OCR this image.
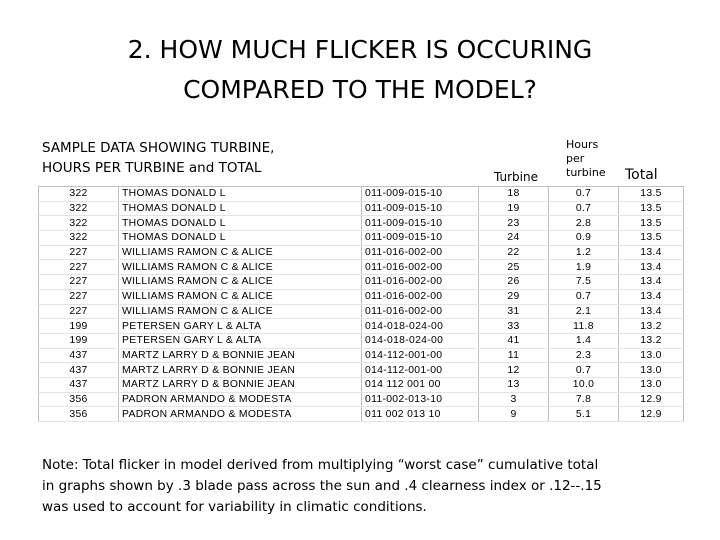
2. HOW MUCH FLICKER IS OCCURING
COMPARED TO THE MODEL?
SAMPLE DATA SHOWING TURBINE,
HOURS PER TURBINE and TOTAL
Turbine
Hours
per
turbine	Total
322	THOMAS DONALD L	011-009-015-10	18	0.7	13.5
322	THOMAS DONALD L	011-009-015-10	19	0.7	13.5
322	THOMAS DONALD L	011-009-015-10	23	2.8	13.5
322	THOMAS DONALD L	011-009-015-10	24	0.9	13.5
227	WILLIAMS RAMON C & ALICE	011-016-002-00	22	1.2	13.4
227	WILLIAMS RAMON C & ALICE	011-016-002-00	25	1.9	13.4
227	WILLIAMS RAMON C & ALICE	011-016-002-00	26	7.5	13.4
227	WILLIAMS RAMON C & ALICE	011-016-002-00	29	0.7	13.4
227	WILLIAMS RAMON C & ALICE	011-016-002-00	31	2.1	13.4
199	PETERSEN GARY L & ALTA	014-018-024-00	33	11.8	13.2
199	PETERSEN GARY L & ALTA	014-018-024-00	41	1.4	13.2
437	MARTZ LARRY D & BONNIE JEAN	014-112-001-00	11	2.3	13.0
437	MARTZ LARRY D & BONNIE JEAN	014-112-001-00	12	0.7	13.0
437	MARTZ LARRY D & BONNIE JEAN	014 112 001 00	13	10.0	13.0
356	PADRON ARMANDO & MODESTA	011-002-013-10	3	7.8	12.9
356	PADRON ARMANDO & MODESTA	011 002 013 10	9	5.1	12.9
Note: Total flicker in model derived from multiplying “worst case” cumulative total
in graphs shown by .3 blade pass across the sun and .4 clearness index or .12--.15
was used to account for variability in climatic conditions.
